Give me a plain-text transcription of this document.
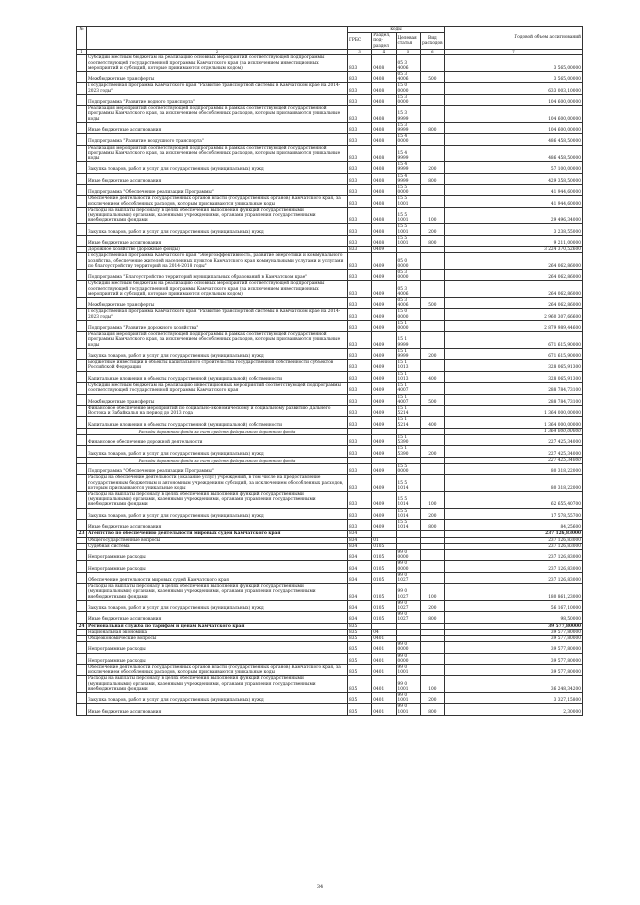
№		коды				Годовой объем ассигнований
		ГРБС	Раздел, под-раздел	Целевая статья	Вид расходов	
1	2	3	4	5	6	7
	Субсидии местным бюджетам на реализацию основных мероприятий соответствующей подпрограммы соответствующей государственной программы Камчатского края (за исключением инвестиционных мероприятий и субсидий, которые принимаются отдельным кодом)	833	0408	05 3 4006		3 565,00000
	Межбюджетные трансферты	833	0408	05 3 4006	500	3 565,00000
	Государственная программа Камчатского края "Развитие транспортной системы в Камчатском крае на 2014-2023 годы"	833	0408	15 0 0000		633 003,10000
	Подпрограмма "Развитие водного транспорта"	833	0408	15 3 0000		104 600,00000
	Реализация мероприятий соответствующей подпрограммы в рамках соответствующей государственной программы Камчатского края, за исключением обособленных расходов, которым присваиваются уникальные коды	833	0408	15 3 9999		104 600,00000
	Иные бюджетные ассигнования	833	0408	15 3 9999	800	104 600,00000
	Подпрограмма "Развитие воздушного транспорта"	833	0408	15 4 0000		486 458,50000
	Реализация мероприятий соответствующей подпрограммы в рамках соответствующей государственной программы Камчатского края, за исключением обособленных расходов, которым присваиваются уникальные коды	833	0408	15 4 9999		486 458,50000
	Закупка товаров, работ и услуг для государственных (муниципальных) нужд	833	0408	15 4 9999	200	57 100,00000
	Иные бюджетные ассигнования	833	0408	15 4 9999	800	429 358,50000
	Подпрограмма "Обеспечение реализации Программы"	833	0408	15 5 0000		41 944,60000
	Обеспечение деятельности государственных органов власти (государственных органов) Камчатского края, за исключением обособленных расходов, которым присваиваются уникальные коды	833	0408	15 5 1001		41 944,60000
	Расходы на выплаты персоналу в целях обеспечения выполнения функций государственными (муниципальными) органами, казенными учреждениями, органами управления государственными внебюджетными фондами	833	0408	15 5 1001	100	29 496,34000
	Закупка товаров, работ и услуг для государственных (муниципальных) нужд	833	0408	15 5 1001	200	3 238,55000
	Иные бюджетные ассигнования	833	0408	15 5 1001	800	9 211,00000
	Дорожное хозяйство (дорожные фонды)	833	0409			3 224 370,52600
	Государственная программа Камчатского края "Энергоэффективность, развитие энергетики и коммунального хозяйства, обеспечение жителей населенных пунктов Камчатского края коммунальными услугами и услугами по благоустройству территорий на 2014-2018 годы"	833	0409	05 0 0000		264 062,86000
	Подпрограмма "Благоустройство территорий муниципальных образований в Камчатском крае"	833	0409	05 3 0000		264 062,86000
	Субсидии местным бюджетам на реализацию основных мероприятий соответствующей подпрограммы соответствующей государственной программы Камчатского края (за исключением инвестиционных мероприятий и субсидий, которые принимаются отдельным кодом)	833	0409	05 3 4006		264 062,86000
	Межбюджетные трансферты	833	0409	05 3 4006	500	264 062,86000
	Государственная программа Камчатского края "Развитие транспортной системы в Камчатском крае на 2014-2023 годы"	833	0409	15 0 0000		2 960 307,66600
	Подпрограмма "Развитие дорожного хозяйства"	833	0409	15 1 0000		2 879 989,44600
	Реализация мероприятий соответствующей подпрограммы в рамках соответствующей государственной программы Камчатского края, за исключением обособленных расходов, которым присваиваются уникальные коды	833	0409	15 1 9999		671 615,90000
	Закупка товаров, работ и услуг для государственных (муниципальных) нужд	833	0409	15 1 9999	200	671 615,90000
	Бюджетные инвестиции в объекты капитального строительства государственной собственности субъектов Российской Федерации	833	0409	15 1 1013		328 065,91300
	Капитальные вложения в объекты государственной (муниципальной) собственности	833	0409	15 1 1013	400	328 065,91300
	Субсидии местным бюджетам на реализацию инвестиционных мероприятий соответствующей подпрограммы соответствующей государственной программы Камчатского края	833	0409	15 1 4007		288 784,73100
	Межбюджетные трансферты	833	0409	15 1 4007	500	288 784,73100
	Финансовое обеспечение мероприятий по социально-экономическому и социальному развитию Дальнего Востока и Забайкалья на период до 2013 года	833	0409	15 1 5214		1 364 000,00000
	Капитальные вложения в объекты государственной (муниципальной) собственности	833	0409	15 1 5214	400	1 364 000,00000
	Расходы дорожного фонда за счет средств федерального дорожного фонда					1 364 000,00000
	Финансовое обеспечение дорожной деятельности	833	0409	15 1 5390		227 425,34000
	Закупка товаров, работ и услуг для государственных (муниципальных) нужд	833	0409	15 1 5390	200	227 425,34000
	Расходы дорожного фонда за счет средств федерального дорожного фонда					227 425,34000
	Подпрограмма "Обеспечение реализации Программы"	833	0409	15 5 0000		80 318,22000
	Расходы на обеспечение деятельности (оказание услуг) учреждений, в том числе на предоставление государственным бюджетным и автономным учреждениям субсидий, за исключением обособленных расходов, которым присваиваются уникальные коды	833	0409	15 5 1014		80 318,22000
	Расходы на выплаты персоналу в целях обеспечения выполнения функций государственными (муниципальными) органами, казенными учреждениями, органами управления государственными внебюджетными фондами	833	0409	15 5 1014	100	62 655,40700
	Закупка товаров, работ и услуг для государственных (муниципальных) нужд	833	0409	15 5 1014	200	17 578,55700
	Иные бюджетные ассигнования	833	0409	15 5 1014	800	84,25600
23	Агентство по обеспечению деятельности мировых судей Камчатского края	834				237 126,83000
	Общегосударственные вопросы	834	01			237 126,83000
	Судебная система	834	0105			237 126,83000
	Непрограммные расходы	834	0105	99 0 0000		237 126,83000
	Непрограммные расходы	834	0105	99 0 0000		237 126,83000
	Обеспечение деятельности мировых судей Камчатского края	834	0105	99 0 1027		237 126,83000
	Расходы на выплаты персоналу в целях обеспечения выполнения функций государственными (муниципальными) органами, казенными учреждениями, органами управления государственными внебюджетными фондами	834	0105	99 0 1027	100	180 861,23000
	Закупка товаров, работ и услуг для государственных (муниципальных) нужд	834	0105	99 0 1027	200	56 167,10000
	Иные бюджетные ассигнования	834	0105	99 0 1027	800	98,50000
24	Региональная служба по тарифам и ценам Камчатского края	835				39 577,80000
	Национальная экономика	835	04			39 577,80000
	Общеэкономические вопросы	835	0401			39 577,80000
	Непрограммные расходы	835	0401	99 0 0000		39 577,80000
	Непрограммные расходы	835	0401	99 0 0000		39 577,80000
	Обеспечение деятельности государственных органов власти (государственных органов) Камчатского края, за исключением обособленных расходов, которым присваиваются уникальные коды	835	0401	99 0 1001		39 577,80000
	Расходы на выплаты персоналу в целях обеспечения выполнения функций государственными (муниципальными) органами, казенными учреждениями, органами управления государственными внебюджетными фондами	835	0401	99 0 1001	100	36 248,34200
	Закупка товаров, работ и услуг для государственных (муниципальных) нужд	835	0401	99 0 1001	200	3 327,15800
	Иные бюджетные ассигнования	835	0401	99 0 1001	800	2,30000
34
